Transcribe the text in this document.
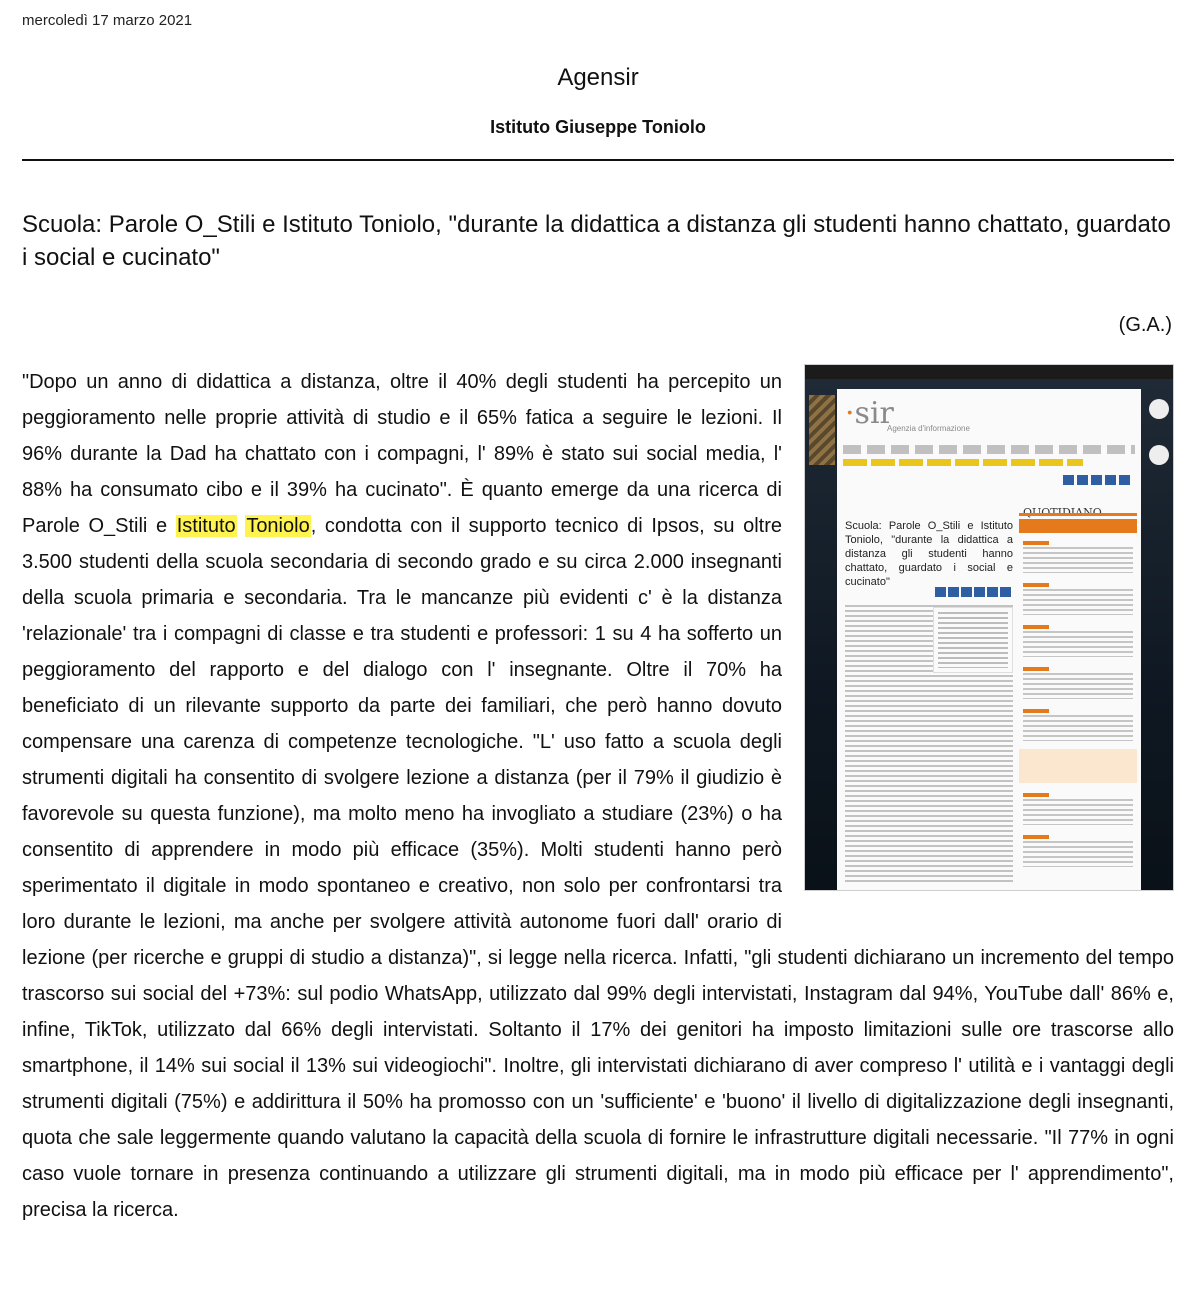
mercoledì 17 marzo 2021
Agensir
Istituto Giuseppe Toniolo
Scuola: Parole O_Stili e Istituto Toniolo, "durante la didattica a distanza gli studenti hanno chattato, guardato i social e cucinato"
(G.A.)
·sir
Agenzia d'informazione
Scuola: Parole O_Stili e Istituto Toniolo, "durante la didattica a distanza gli studenti hanno chattato, guardato i social e cucinato"
"Dopo un anno di didattica a distanza, oltre il 40% degli studenti ha percepito un peggioramento nelle proprie attività di studio e il 65% fatica a seguire le lezioni. Il 96% durante la Dad ha chattato con i compagni, l' 89% è stato sui social media, l' 88% ha consumato cibo e il 39% ha cucinato". È quanto emerge da una ricerca di Parole O_Stili e Istituto Toniolo, condotta con il supporto tecnico di Ipsos, su oltre 3.500 studenti della scuola secondaria di secondo grado e su circa 2.000 insegnanti della scuola primaria e secondaria. Tra le mancanze più evidenti c' è la distanza 'relazionale' tra i compagni di classe e tra studenti e professori: 1 su 4 ha sofferto un peggioramento del rapporto e del dialogo con l' insegnante. Oltre il 70% ha beneficiato di un rilevante supporto da parte dei familiari, che però hanno dovuto compensare una carenza di competenze tecnologiche. "L' uso fatto a scuola degli strumenti digitali ha consentito di svolgere lezione a distanza (per il 79% il giudizio è favorevole su questa funzione), ma molto meno ha invogliato a studiare (23%) o ha consentito di apprendere in modo più efficace (35%). Molti studenti hanno però sperimentato il digitale in modo spontaneo e creativo, non solo per confrontarsi tra loro durante le lezioni, ma anche per svolgere attività autonome fuori dall' orario di lezione (per ricerche e gruppi di studio a distanza)", si legge nella ricerca. Infatti, "gli studenti dichiarano un incremento del tempo trascorso sui social del +73%: sul podio WhatsApp, utilizzato dal 99% degli intervistati, Instagram dal 94%, YouTube dall' 86% e, infine, TikTok, utilizzato dal 66% degli intervistati. Soltanto il 17% dei genitori ha imposto limitazioni sulle ore trascorse allo smartphone, il 14% sui social il 13% sui videogiochi". Inoltre, gli intervistati dichiarano di aver compreso l' utilità e i vantaggi degli strumenti digitali (75%) e addirittura il 50% ha promosso con un 'sufficiente' e 'buono' il livello di digitalizzazione degli insegnanti, quota che sale leggermente quando valutano la capacità della scuola di fornire le infrastrutture digitali necessarie. "Il 77% in ogni caso vuole tornare in presenza continuando a utilizzare gli strumenti digitali, ma in modo più efficace per l' apprendimento", precisa la ricerca.
